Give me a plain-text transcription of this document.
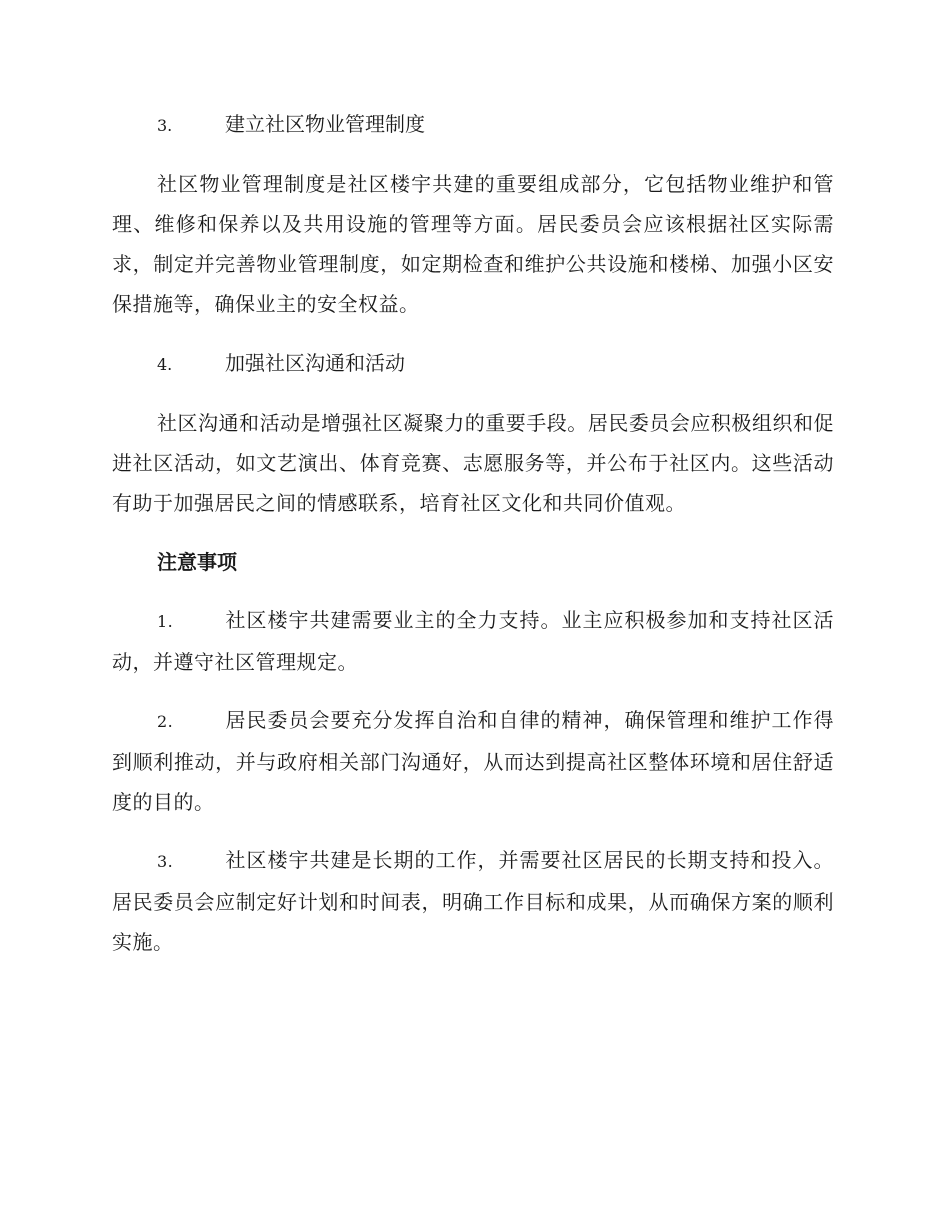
3.	建立社区物业管理制度

社区物业管理制度是社区楼宇共建的重要组成部分，它包括物业维护和管理、维修和保养以及共用设施的管理等方面。居民委员会应该根据社区实际需求，制定并完善物业管理制度，如定期检查和维护公共设施和楼梯、加强小区安保措施等，确保业主的安全权益。

4.	加强社区沟通和活动

社区沟通和活动是增强社区凝聚力的重要手段。居民委员会应积极组织和促进社区活动，如文艺演出、体育竞赛、志愿服务等，并公布于社区内。这些活动有助于加强居民之间的情感联系，培育社区文化和共同价值观。

注意事项

1.	社区楼宇共建需要业主的全力支持。业主应积极参加和支持社区活动，并遵守社区管理规定。

2.	居民委员会要充分发挥自治和自律的精神，确保管理和维护工作得到顺利推动，并与政府相关部门沟通好，从而达到提高社区整体环境和居住舒适度的目的。

3.	社区楼宇共建是长期的工作，并需要社区居民的长期支持和投入。居民委员会应制定好计划和时间表，明确工作目标和成果，从而确保方案的顺利实施。
